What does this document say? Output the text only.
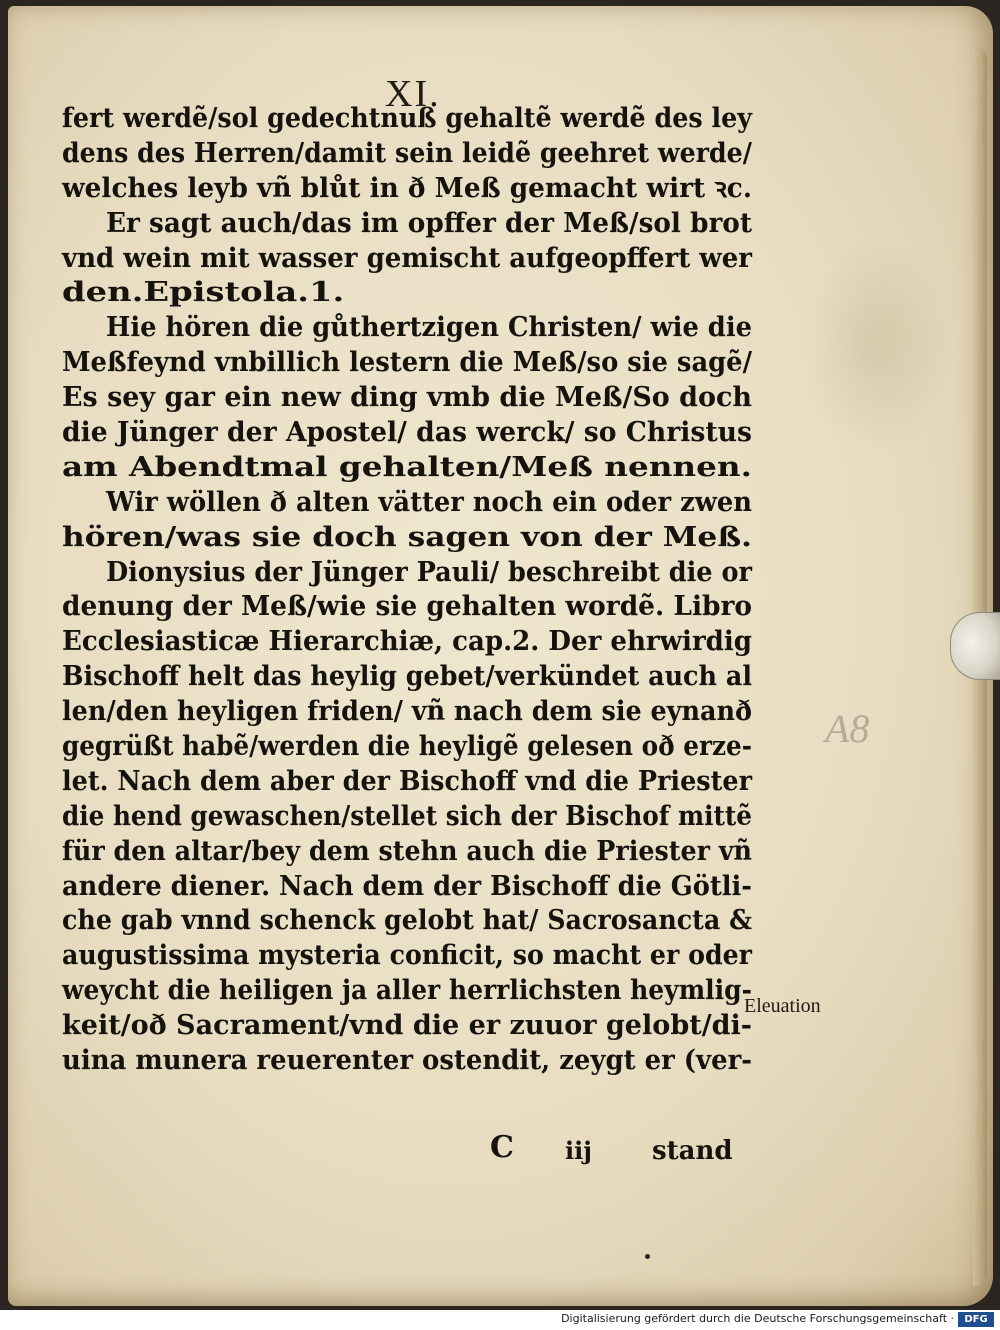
XI.
fert werdẽ/sol gedechtnuß gehaltẽ werdẽ des ley
dens des Herren/damit sein leidẽ geehret werde/
welches leyb vñ blůt in ð Meß gemacht wirt ꝛc.
Er sagt auch/das im opffer der Meß/sol brot
vnd wein mit wasser gemischt aufgeopffert wer
den.Epistola.1.
Hie hören die gůthertzigen Christen/ wie die
Meßfeynd vnbillich lestern die Meß/so sie sagẽ/
Es sey gar ein new ding vmb die Meß/So doch
die Jünger der Apostel/ das werck/ so Christus
am Abendtmal gehalten/Meß nennen.
Wir wöllen ð alten vätter noch ein oder zwen
hören/was sie doch sagen von der Meß.
Dionysius der Jünger Pauli/ beschreibt die or
denung der Meß/wie sie gehalten wordẽ. Libro
Ecclesiasticæ Hierarchiæ, cap.2. Der ehrwirdig
Bischoff helt das heylig gebet/verkündet auch al
len/den heyligen friden/ vñ nach dem sie eynanð
gegrüßt habẽ/werden die heyligẽ gelesen oð erze-
let. Nach dem aber der Bischoff vnd die Priester
die hend gewaschen/stellet sich der Bischof mittẽ
für den altar/bey dem stehn auch die Priester vñ
andere diener. Nach dem der Bischoff die Götli-
che gab vnnd schenck gelobt hat/ Sacrosancta &
augustissima mysteria conficit, so macht er oder
weycht die heiligen ja aller herrlichsten heymlig-
keit/oð Sacrament/vnd die er zuuor gelobt/di-
uina munera reuerenter ostendit, zeygt er (ver-
Eleuation
A8
C iij stand
Digitalisierung gefördert durch die Deutsche Forschungsgemeinschaft ·	DFG
